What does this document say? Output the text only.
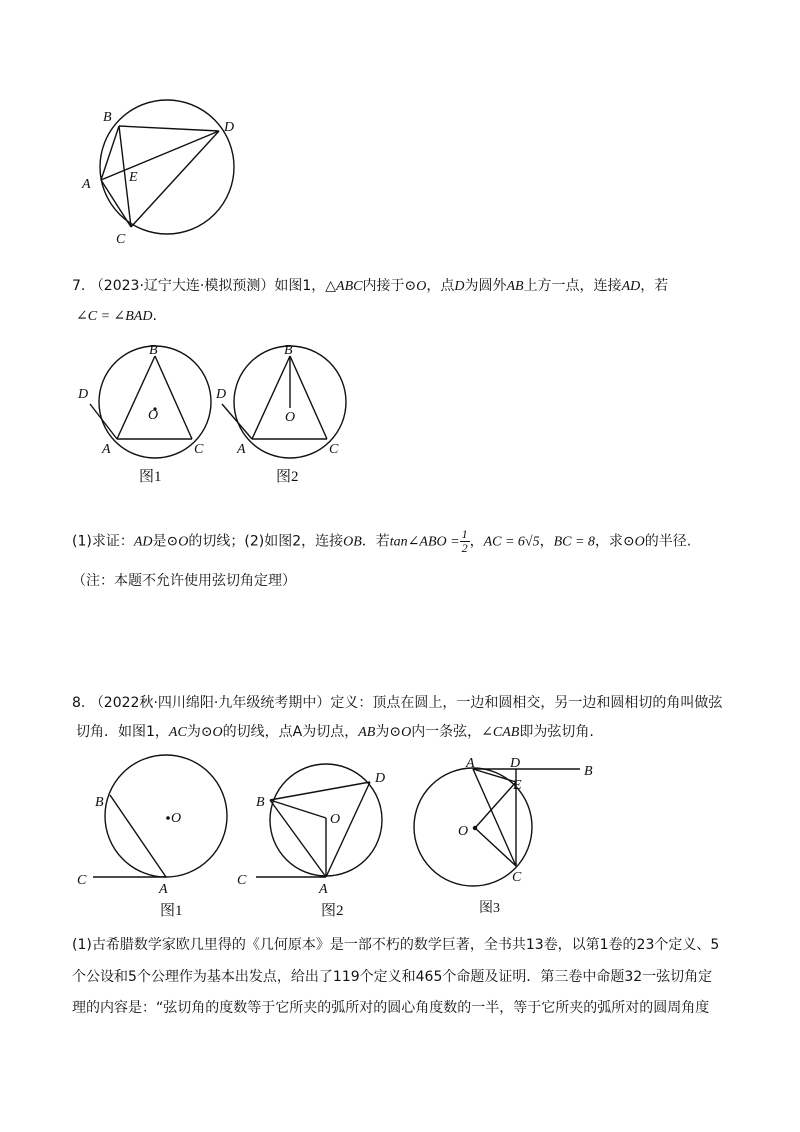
B
D
A	E
C
7. （2023·辽宁大连·模拟预测）如图1，△ABC内接于⊙O，点D为圆外AB上方一点，连接AD，若
∠C = ∠BAD.
B
O
D
A	C
图1
B
O
D
A	C
图2
(1)求证：AD是⊙O的切线；(2)如图2，连接OB．若tan∠ABO = $\frac{1}{2}$ ，AC = 6√5，BC = 8，求⊙O的半径.
（注：本题不允许使用弦切角定理）
8. （2022秋·四川绵阳·九年级统考期中）定义：顶点在圆上，一边和圆相交，另一边和圆相切的角叫做弦
切角．如图1，AC为⊙O的切线，点A为切点，AB为⊙O内一条弦，∠CAB即为弦切角.
B
O
C
A
图1
B
D
O
C
A
图2
A	D
B
E
O
C
图3
(1)古希腊数学家欧几里得的《几何原本》是一部不朽的数学巨著，全书共13卷，以第1卷的23个定义、5
个公设和5个公理作为基本出发点，给出了119个定义和465个命题及证明．第三卷中命题32一弦切角定
理的内容是：“弦切角的度数等于它所夹的弧所对的圆心角度数的一半，等于它所夹的弧所对的圆周角度
